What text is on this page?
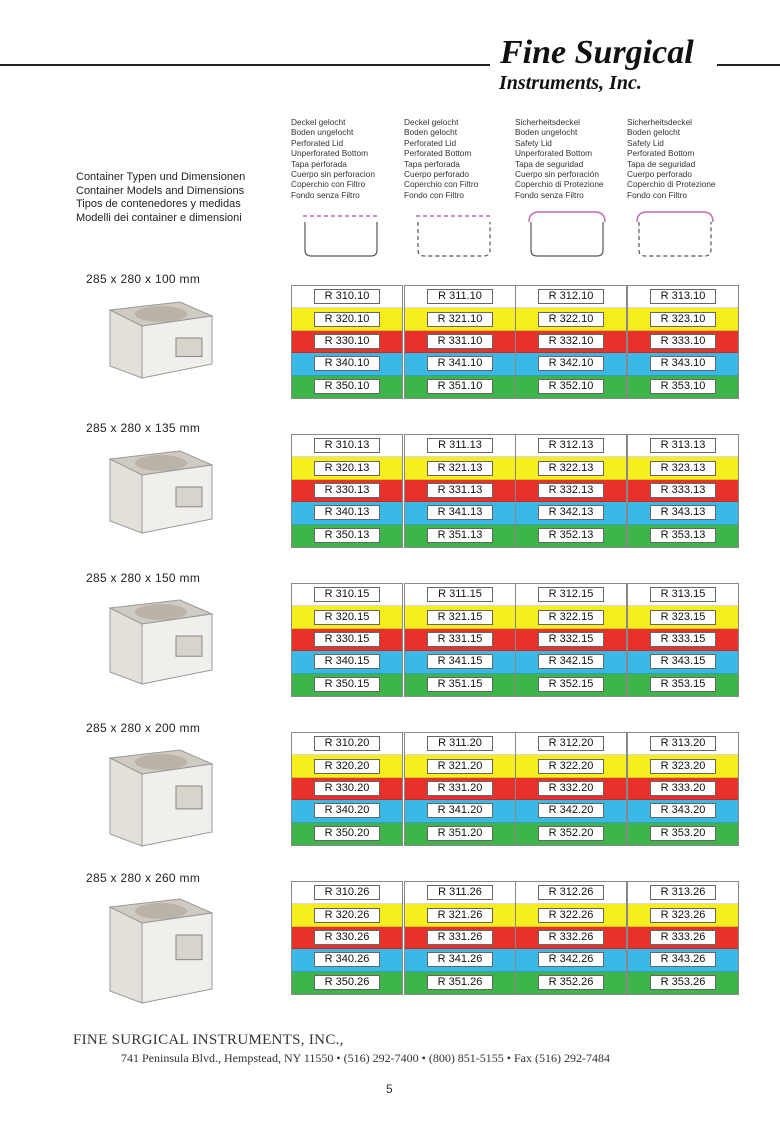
Fine Surgical
Instruments, Inc.
Container Typen und Dimensionen
Container Models and Dimensions
Tipos de contenedores y medidas
Modelli dei container e dimensioni
Deckel gelocht
Boden ungelocht
Perforated Lid
Unperforated Bottom
Tapa perforada
Cuerpo sin perforacion
Coperchio con Filtro
Fondo senza Filtro
Deckel gelocht
Boden gelocht
Perforated Lid
Perforated Bottom
Tapa perforada
Cuerpo perforado
Coperchio con Filtro
Fondo con Filtro
Sicherheitsdeckel
Boden ungelocht
Safety Lid
Unperforated Bottom
Tapa de seguridad
Cuerpo sin perforación
Coperchio di Protezione
Fondo senza Filtro
Sicherheitsdeckel
Boden gelocht
Safety Lid
Perforated Bottom
Tapa de seguridad
Cuerpo perforado
Coperchio di Protezione
Fondo con Filtro
285 x 280 x 100 mm
R 310.10
R 320.10
R 330.10
R 340.10
R 350.10
R 311.10
R 321.10
R 331.10
R 341.10
R 351.10
R 312.10
R 322.10
R 332.10
R 342.10
R 352.10
R 313.10
R 323.10
R 333.10
R 343.10
R 353.10
285 x 280 x 135 mm
R 310.13
R 320.13
R 330.13
R 340.13
R 350.13
R 311.13
R 321.13
R 331.13
R 341.13
R 351.13
R 312.13
R 322.13
R 332.13
R 342.13
R 352.13
R 313.13
R 323.13
R 333.13
R 343.13
R 353.13
285 x 280 x 150 mm
R 310.15
R 320.15
R 330.15
R 340.15
R 350.15
R 311.15
R 321.15
R 331.15
R 341.15
R 351.15
R 312.15
R 322.15
R 332.15
R 342.15
R 352.15
R 313.15
R 323.15
R 333.15
R 343.15
R 353.15
285 x 280 x 200 mm
R 310.20
R 320.20
R 330.20
R 340.20
R 350.20
R 311.20
R 321.20
R 331.20
R 341.20
R 351.20
R 312.20
R 322.20
R 332.20
R 342.20
R 352.20
R 313.20
R 323.20
R 333.20
R 343.20
R 353.20
285 x 280 x 260 mm
R 310.26
R 320.26
R 330.26
R 340.26
R 350.26
R 311.26
R 321.26
R 331.26
R 341.26
R 351.26
R 312.26
R 322.26
R 332.26
R 342.26
R 352.26
R 313.26
R 323.26
R 333.26
R 343.26
R 353.26
FINE SURGICAL INSTRUMENTS, INC.,
741 Peninsula Blvd., Hempstead, NY 11550 • (516) 292-7400 • (800) 851-5155 • Fax (516) 292-7484
5
